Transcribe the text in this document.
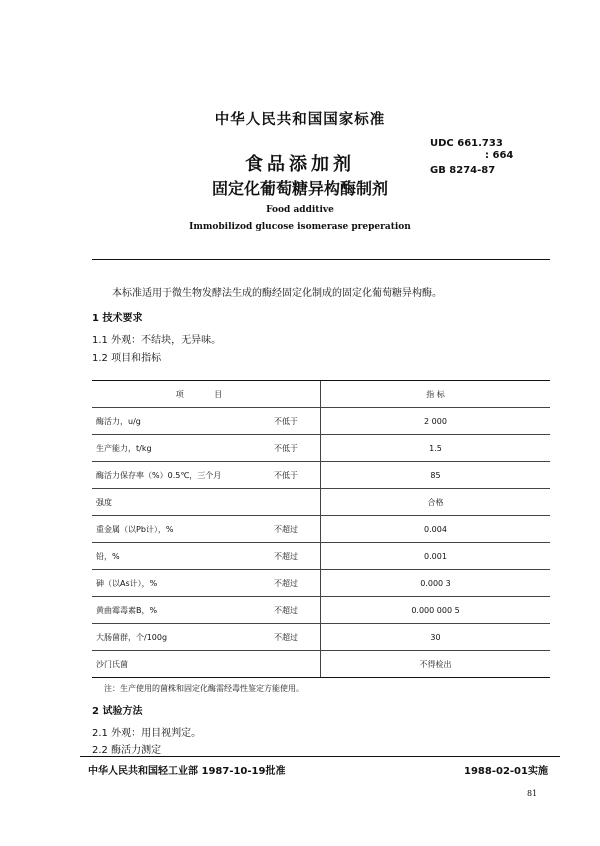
中华人民共和国国家标准
食品添加剂
固定化葡萄糖异构酶制剂
Food additive
Immobilizod glucose isomerase preperation
UDC 661.733
: 664
GB 8274-87
本标准适用于微生物发酵法生成的酶经固定化制成的固定化葡萄糖异构酶。
1 技术要求
1.1 外观：不结块，无异味。
1.2 项目和指标
项 目		指 标
酶活力，u/g	不低于	2 000
生产能力，t/kg	不低于	1.5
酶活力保存率（%）0.5℃，三个月	不低于	85
强度		合格
重金属（以Pb计），%	不超过	0.004
铅，%	不超过	0.001
砷（以As计），%	不超过	0.000 3
黄曲霉毒素B，%	不超过	0.000 000 5
大肠菌群，个/100g	不超过	30
沙门氏菌		不得检出
注：生产使用的菌株和固定化酶需经毒性鉴定方能使用。
2 试验方法
2.1 外观：用目视判定。
2.2 酶活力测定
中华人民共和国轻工业部 1987-10-19批准	1988-02-01实施
81
